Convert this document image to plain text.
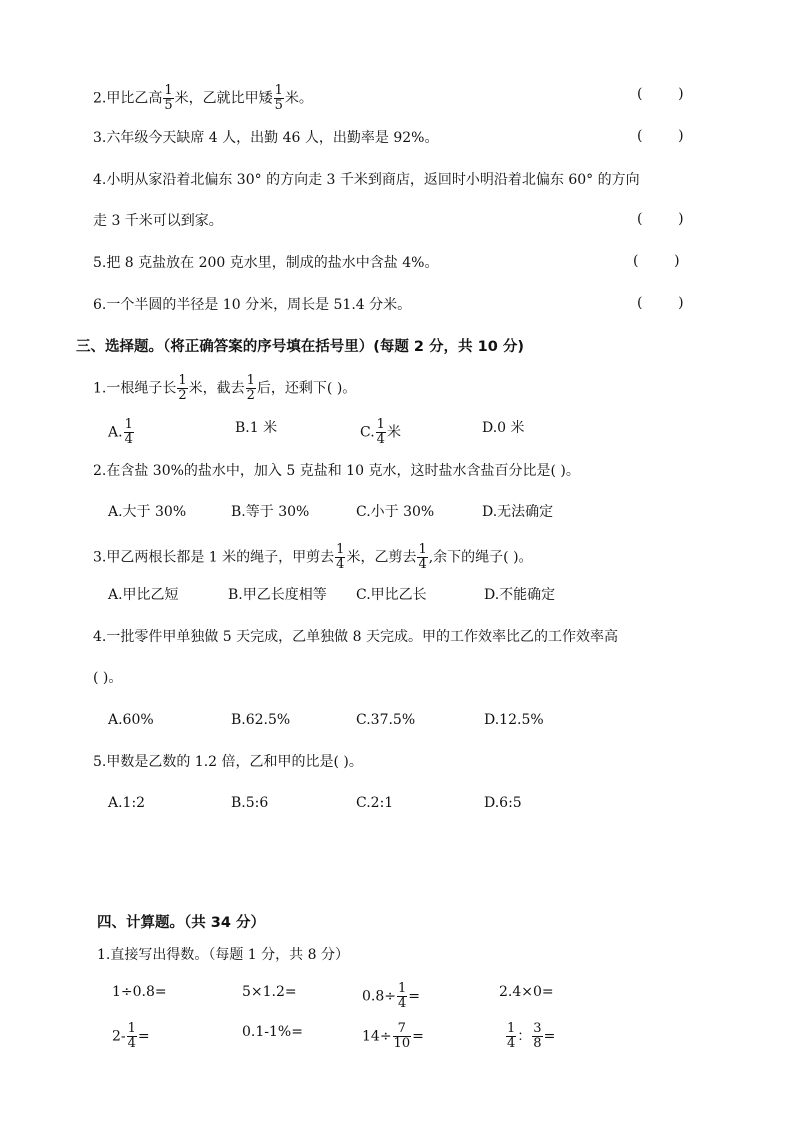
2.甲比乙高 $\frac{1}{5}$ 米，乙就比甲矮 $\frac{1}{5}$ 米。	(        )
3.六年级今天缺席 4 人，出勤 46 人，出勤率是 92%。	(        )
4.小明从家沿着北偏东 30° 的方向走 3 千米到商店，返回时小明沿着北偏东 60° 的方向
走 3 千米可以到家。	(        )
5.把 8 克盐放在 200 克水里，制成的盐水中含盐 4%。	(        )
6.一个半圆的半径是 10 分米，周长是 51.4 分米。	(        )
三、选择题。（将正确答案的序号填在括号里）(每题 2 分，共 10 分)
1.一根绳子长 $\frac{1}{2}$ 米，截去 $\frac{1}{2}$ 后，还剩下( )。
A. $\frac{1}{4}$	B.1 米	C. $\frac{1}{4}$ 米	D.0 米
2.在含盐 30%的盐水中，加入 5 克盐和 10 克水，这时盐水含盐百分比是( )。
A.大于 30%	B.等于 30%	C.小于 30%	D.无法确定
3.甲乙两根长都是 1 米的绳子，甲剪去 $\frac{1}{4}$ 米，乙剪去 $\frac{1}{4}$ ,余下的绳子( )。
A.甲比乙短	B.甲乙长度相等 C.甲比乙长	D.不能确定
4.一批零件甲单独做 5 天完成，乙单独做 8 天完成。甲的工作效率比乙的工作效率高
( )。
A.60%	B.62.5%	C.37.5%	D.12.5%
5.甲数是乙数的 1.2 倍，乙和甲的比是( )。
A.1:2	B.5:6	C.2:1	D.6:5
四、计算题。（共 34 分）
1.直接写出得数。（每题 1 分，共 8 分）
1÷0.8=	5×1.2=	$0.8\div \frac{1}{4}$ =	2.4×0=
$2- \frac{1}{4}$ =	0.1-1%=	$14\div \frac{7}{10}$ =	$\frac{1}{4}$ ： $\frac{3}{8}$ =
